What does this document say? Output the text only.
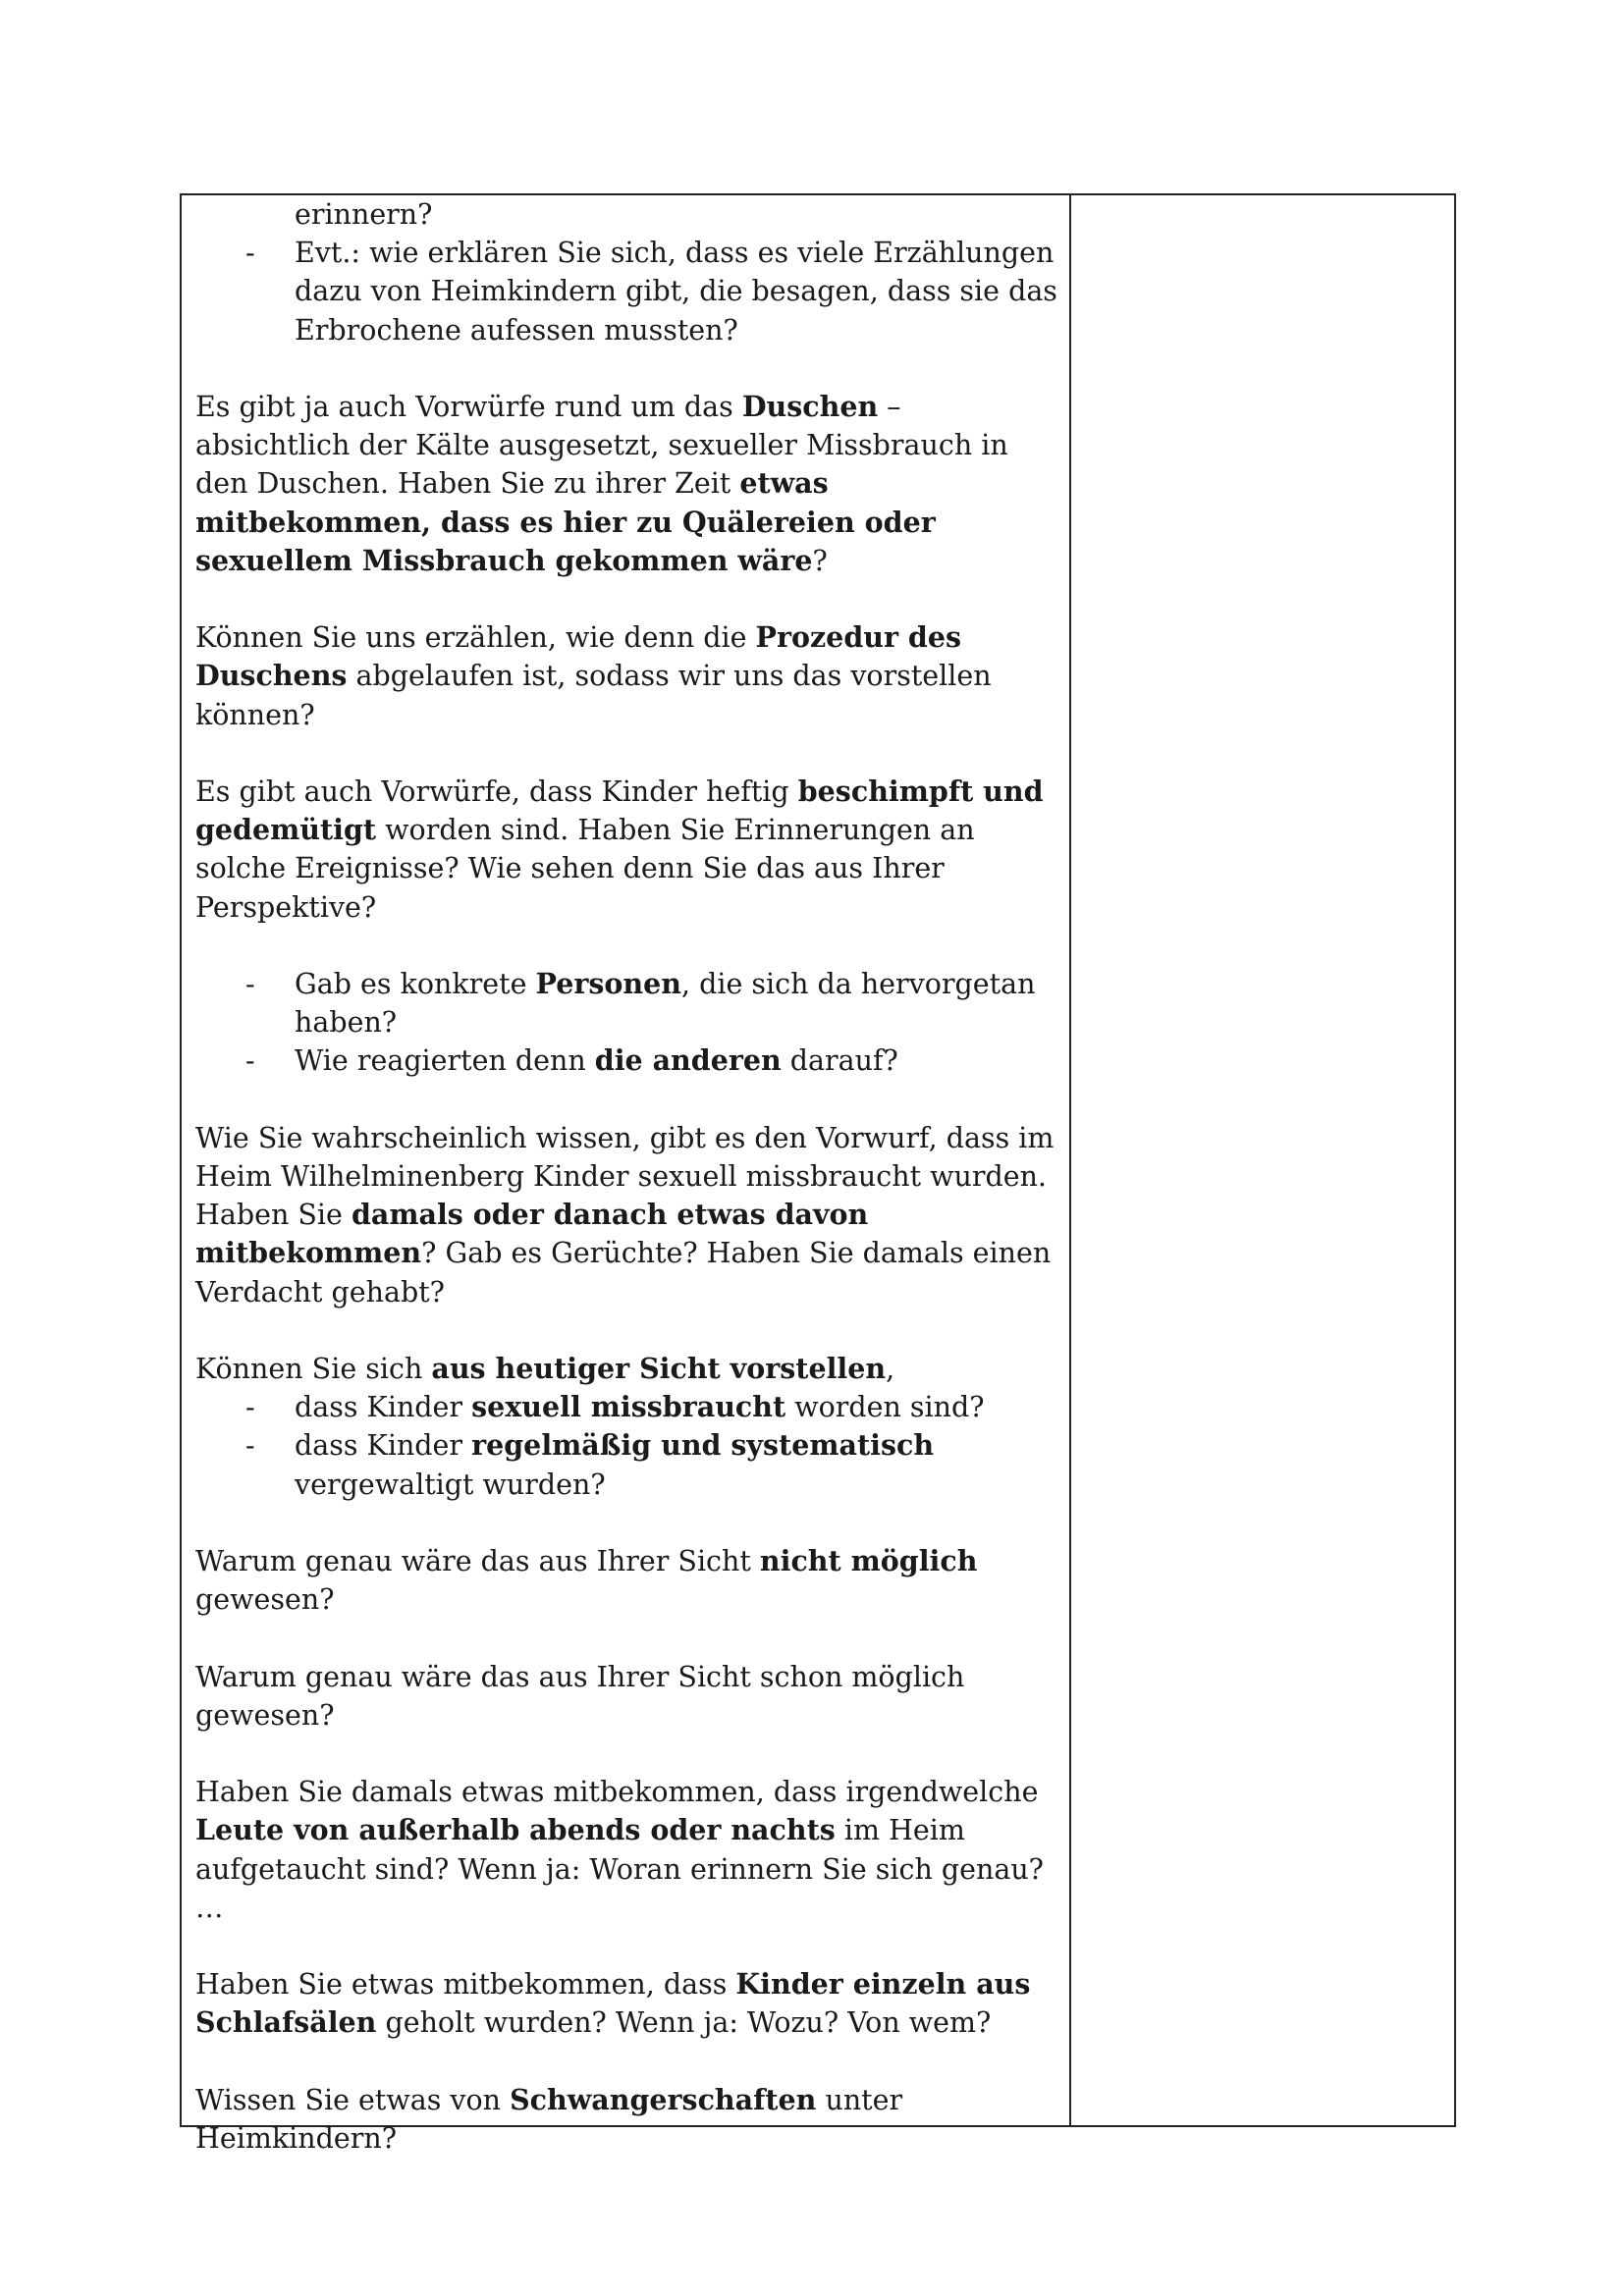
erinnern?
- Evt.: wie erklären Sie sich, dass es viele Erzählungen dazu von Heimkindern gibt, die besagen, dass sie das Erbrochene aufessen mussten?

Es gibt ja auch Vorwürfe rund um das Duschen – absichtlich der Kälte ausgesetzt, sexueller Missbrauch in den Duschen. Haben Sie zu ihrer Zeit etwas mitbekommen, dass es hier zu Quälereien oder sexuellem Missbrauch gekommen wäre?

Können Sie uns erzählen, wie denn die Prozedur des Duschens abgelaufen ist, sodass wir uns das vorstellen können?

Es gibt auch Vorwürfe, dass Kinder heftig beschimpft und gedemütigt worden sind. Haben Sie Erinnerungen an solche Ereignisse? Wie sehen denn Sie das aus Ihrer Perspektive?

- Gab es konkrete Personen, die sich da hervorgetan haben?
- Wie reagierten denn die anderen darauf?

Wie Sie wahrscheinlich wissen, gibt es den Vorwurf, dass im Heim Wilhelminenberg Kinder sexuell missbraucht wurden. Haben Sie damals oder danach etwas davon mitbekommen? Gab es Gerüchte? Haben Sie damals einen Verdacht gehabt?

Können Sie sich aus heutiger Sicht vorstellen,

- dass Kinder sexuell missbraucht worden sind?
- dass Kinder regelmäßig und systematisch vergewaltigt wurden?

Warum genau wäre das aus Ihrer Sicht nicht möglich gewesen?

Warum genau wäre das aus Ihrer Sicht schon möglich gewesen?

Haben Sie damals etwas mitbekommen, dass irgendwelche Leute von außerhalb abends oder nachts im Heim aufgetaucht sind? Wenn ja: Woran erinnern Sie sich genau? …

Haben Sie etwas mitbekommen, dass Kinder einzeln aus Schlafsälen geholt wurden? Wenn ja: Wozu? Von wem?

Wissen Sie etwas von Schwangerschaften unter Heimkindern?
